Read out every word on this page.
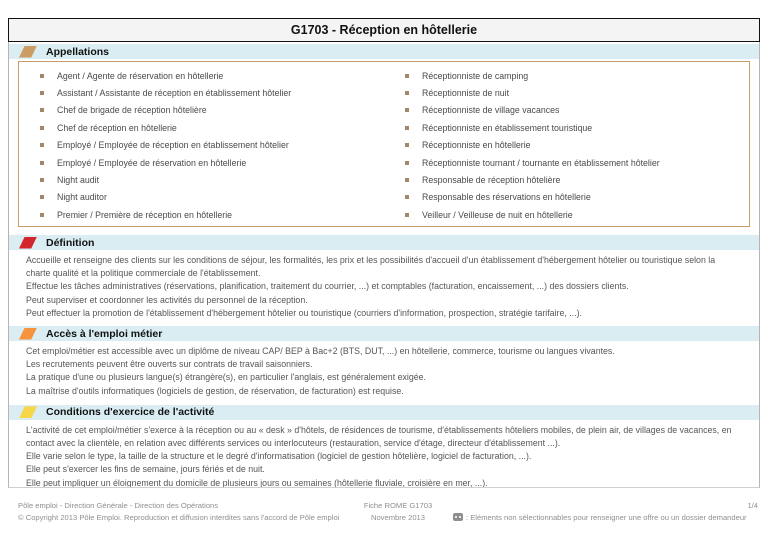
G1703 - Réception en hôtellerie
Appellations
Agent / Agente de réservation en hôtellerie
Assistant / Assistante de réception en établissement hôtelier
Chef de brigade de réception hôtelière
Chef de réception en hôtellerie
Employé / Employée de réception en établissement hôtelier
Employé / Employée de réservation en hôtellerie
Night audit
Night auditor
Premier / Première de réception en hôtellerie
Réceptionniste de camping
Réceptionniste de nuit
Réceptionniste de village vacances
Réceptionniste en établissement touristique
Réceptionniste en hôtellerie
Réceptionniste tournant / tournante en établissement hôtelier
Responsable de réception hôtelière
Responsable des réservations en hôtellerie
Veilleur / Veilleuse de nuit en hôtellerie
Définition

Accueille et renseigne des clients sur les conditions de séjour, les formalités, les prix et les possibilités d'accueil d'un établissement d'hébergement hôtelier ou touristique selon la charte qualité et la politique commerciale de l'établissement.

Effectue les tâches administratives (réservations, planification, traitement du courrier, ...) et comptables (facturation, encaissement, ...) des dossiers clients.

Peut superviser et coordonner les activités du personnel de la réception.

Peut effectuer la promotion de l'établissement d'hébergement hôtelier ou touristique (courriers d'information, prospection, stratégie tarifaire, ...).

Accès à l'emploi métier

Cet emploi/métier est accessible avec un diplôme de niveau CAP/ BEP à Bac+2 (BTS, DUT, ...) en hôtellerie, commerce, tourisme ou langues vivantes.

Les recrutements peuvent être ouverts sur contrats de travail saisonniers.

La pratique d'une ou plusieurs langue(s) étrangère(s), en particulier l'anglais, est généralement exigée.

La maîtrise d'outils informatiques (logiciels de gestion, de réservation, de facturation) est requise.

Conditions d'exercice de l'activité

L'activité de cet emploi/métier s'exerce à la réception ou au « desk » d'hôtels, de résidences de tourisme, d'établissements hôteliers mobiles, de plein air, de villages de vacances, en contact avec la clientèle, en relation avec différents services ou interlocuteurs (restauration, service d'étage, directeur d'établissement ...).

Elle varie selon le type, la taille de la structure et le degré d'informatisation (logiciel de gestion hôtelière, logiciel de facturation, ...).

Elle peut s'exercer les fins de semaine, jours fériés et de nuit.

Elle peut impliquer un éloignement du domicile de plusieurs jours ou semaines (hôtellerie fluviale, croisière en mer, ...).

Pôle emploi - Direction Générale - Direction des Opérations
© Copyright 2013 Pôle Emploi. Reproduction et diffusion interdites sans l'accord de Pôle emploi
Fiche ROME G1703
Novembre 2013
1/4
: Eléments non sélectionnables pour renseigner une offre ou un dossier demandeur
